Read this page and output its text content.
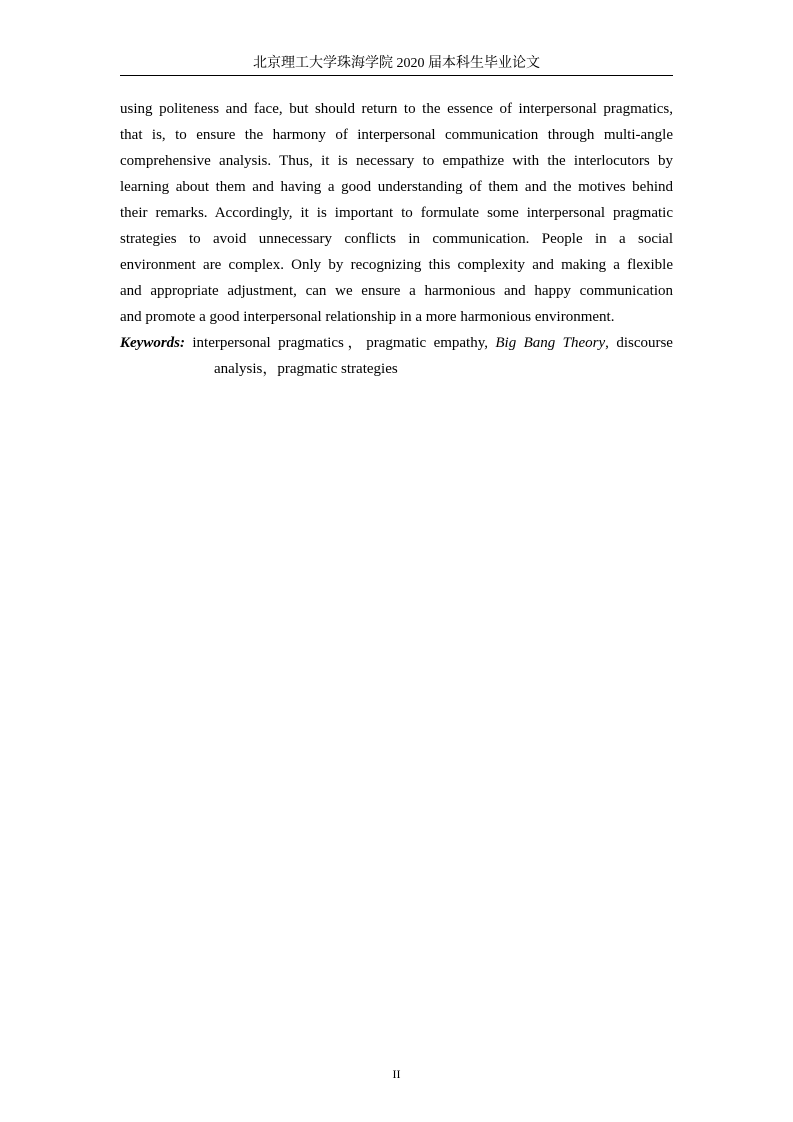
北京理工大学珠海学院 2020 届本科生毕业论文
using politeness and face, but should return to the essence of interpersonal pragmatics,
that is, to ensure the harmony of interpersonal communication through multi-angle
comprehensive analysis. Thus, it is necessary to empathize with the interlocutors by
learning about them and having a good understanding of them and the motives behind
their remarks. Accordingly, it is important to formulate some interpersonal pragmatic
strategies to avoid unnecessary conflicts in communication. People in a social
environment are complex. Only by recognizing this complexity and making a flexible
and appropriate adjustment, can we ensure a harmonious and happy communication
and promote a good interpersonal relationship in a more harmonious environment.
Keywords: interpersonal pragmatics，pragmatic empathy, Big Bang Theory, discourse
analysis，pragmatic strategies
II
